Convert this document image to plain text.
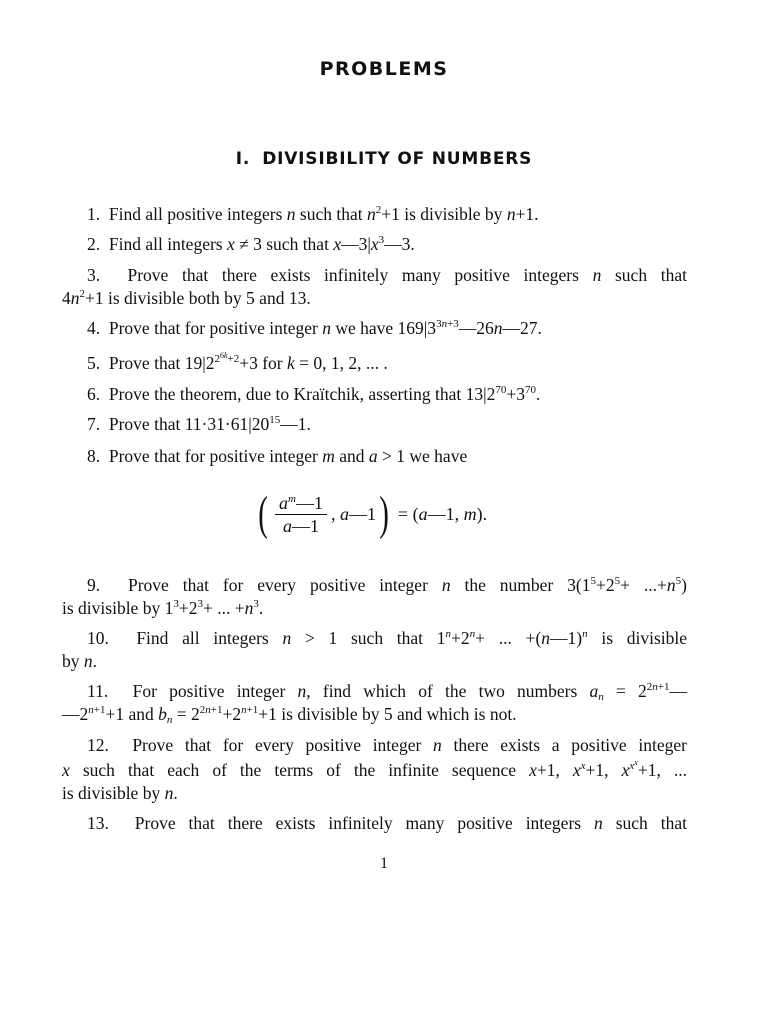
PROBLEMS
I. DIVISIBILITY OF NUMBERS
1.  Find all positive integers n such that $n^2+1$ is divisible by n+1.
2.  Find all integers x ≠ 3 such that $x—3|x^3—3$.
3.  Prove that there exists infinitely many positive integers n such that
$4n^2+1$ is divisible both by 5 and 13.
4.  Prove that for positive integer n we have $169|3^{3n+3}—26n—27$.
5.  Prove that $19|2^{2^{6k}+2}+3$ for k = 0, 1, 2, ... .
6.  Prove the theorem, due to Kraïtchik, asserting that $13|2^{70}+3^{70}$.
7.  Prove that $11\cdot 31\cdot 61|20^{15}—1$.
8.  Prove that for positive integer m and a > 1 we have
( $\frac{a^m—1}{a—1}$ , a—1 ) = (a—1, m).
9.  Prove that for every positive integer n the number $3(1^5+2^5+ ...+n^5)$
is divisible by $1^3+2^3+$ ... $+n^3$.
10.  Find all integers n > 1 such that $1^n+2^n+$ ... +(n—1)$^n$ is divisible
by n.
11.  For positive integer n, find which of the two numbers $a_n$ = $2^{2n+1}—$
$—2^{n+1}+1$ and $b_n = 2^{2n+1}+2^{n+1}+1$ is divisible by 5 and which is not.
12.  Prove that for every positive integer n there exists a positive integer
x such that each of the terms of the infinite sequence x+1, $x^x+1$, $x^{x^x}+1$, ...
is divisible by n.
13.  Prove that there exists infinitely many positive integers n such that
1
